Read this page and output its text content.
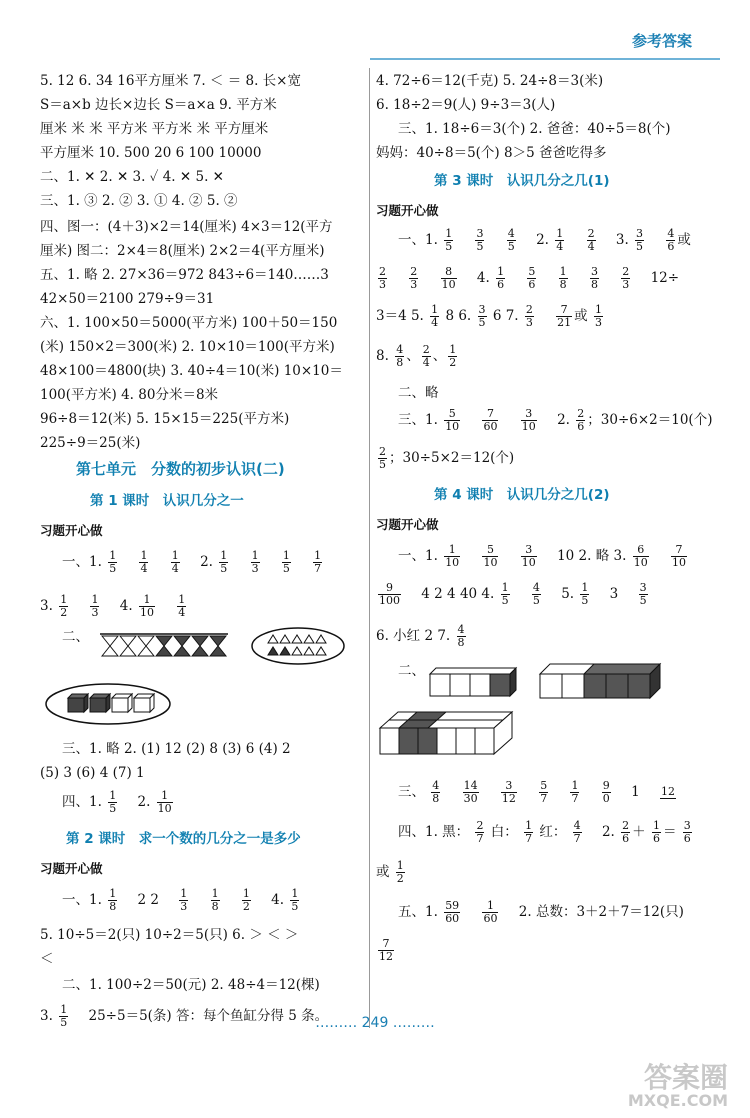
参考答案
5. 12 6. 34 16平方厘米 7. ＜ ＝ 8. 长×宽
S＝a×b 边长×边长 S＝a×a 9. 平方米
厘米 米 米 平方米 平方米 米 平方厘米
平方厘米 10. 500 20 6 100 10000
二、1. ✕ 2. ✕ 3. ✓ 4. ✕ 5. ✕
三、1. ③ 2. ② 3. ① 4. ② 5. ②
四、图一：(4＋3)×2＝14(厘米) 4×3＝12(平方
厘米) 图二：2×4＝8(厘米) 2×2＝4(平方厘米)
五、1. 略 2. 27×36＝972 843÷6＝140……3
42×50＝2100 279÷9＝31
六、1. 100×50＝5000(平方米) 100＋50＝150
(米) 150×2＝300(米) 2. 10×10＝100(平方米)
48×100＝4800(块) 3. 40÷4＝10(米) 10×10＝
100(平方米) 4. 80分米＝8米
96÷8＝12(米) 5. 15×15＝225(平方米)
225÷9＝25(米)
第七单元　分数的初步认识(二)
第 1 课时　认识几分之一
习题开心做
一、1. $\frac{1}{5}$
$\frac{1}{4}$
$\frac{1}{4} 2$. $\frac{1}{5}$
$\frac{1}{3}$
$\frac{1}{5}$
$\frac{1}{7}$
3. $\frac{1}{2}$
$\frac{1}{3} 4$. $\frac{1}{10}$
$\frac{1}{4}$
二、
三、1. 略 2. (1) 12 (2) 8 (3) 6 (4) 2
(5) 3 (6) 4 (7) 1
四、1. $\frac{1}{5} 2$. $\frac{1}{10}$
第 2 课时　求一个数的几分之一是多少
习题开心做
一、1. $\frac{1}{8} 2$ $2 \frac{1}{3}$
$\frac{1}{8}$
$\frac{1}{2} 4$. $\frac{1}{5}$
5. 10÷5＝2(只) 10÷2＝5(只) 6. ＞ ＜ ＞
＜
二、1. 100÷2＝50(元) 2. 48÷4＝12(棵)
3. $\frac{1}{5} 25\div 5=5$(条) 答：每个鱼缸分得 5 条。
4. 72÷6＝12(千克) 5. 24÷8＝3(米)
6. 18÷2＝9(人) 9÷3＝3(人)
三、1. 18÷6＝3(个) 2. 爸爸：40÷5＝8(个)
妈妈：40÷8＝5(个) 8＞5 爸爸吃得多
第 3 课时　认识几分之几(1)
习题开心做
一、1. $\frac{1}{5}$
$\frac{3}{5}$
$\frac{4}{5} 2$. $\frac{1}{4}$
$\frac{2}{4} 3$. $\frac{3}{5}$
$\frac{4}{6}$ 或
$\frac{2}{3}$
$\frac{2}{3}$
$\frac{8}{10} 4$. $\frac{1}{6}$
$\frac{5}{6}$
$\frac{1}{8}$
$\frac{3}{8}$
$\frac{2}{3} 12\div$
3＝4 5. $\frac{1}{4} 8$ 6. $\frac{3}{5} 6$ 7. $\frac{2}{3}$
$\frac{7}{21}$ 或 $\frac{1}{3}$
8. $\frac{4}{8}$ 、 $\frac{2}{4}$ 、 $\frac{1}{2}$
二、略
三、1. $\frac{5}{10}$
$\frac{7}{60}$
$\frac{3}{10} 2$. $\frac{2}{6}$ ；30÷6×2＝10(个)
$\frac{2}{5}$ ；30÷5×2＝12(个)
第 4 课时　认识几分之几(2)
习题开心做
一、1. $\frac{1}{10}$
$\frac{5}{10}$
$\frac{3}{10} 10$ 2. 略 3. $\frac{6}{10}$
$\frac{7}{10}$
$\frac{9}{100} 4$ 2 4 40 4. $\frac{1}{5}$
$\frac{4}{5} 5$. $\frac{1}{5} 3 \frac{3}{5}$
6. 小红 2 7. $\frac{4}{8}$
二、
三、 $\frac{4}{8}$
$\frac{14}{30}$
$\frac{3}{12}$
$\frac{5}{7}$
$\frac{1}{7}$
$\frac{9}{0} 1$ 12
四、1. 黑： $\frac{2}{7}$ 白： $\frac{1}{7}$ 红： $\frac{4}{7} 2$. $\frac{2}{6} + \frac{1}{6} = \frac{3}{6}$
或 $\frac{1}{2}$
五、1. $\frac{59}{60}$
$\frac{1}{60} 2$. 总数：3＋2＋7＝12(只)
$\frac{7}{12}$
……… 249 ………
答案圈
MXQE.COM
